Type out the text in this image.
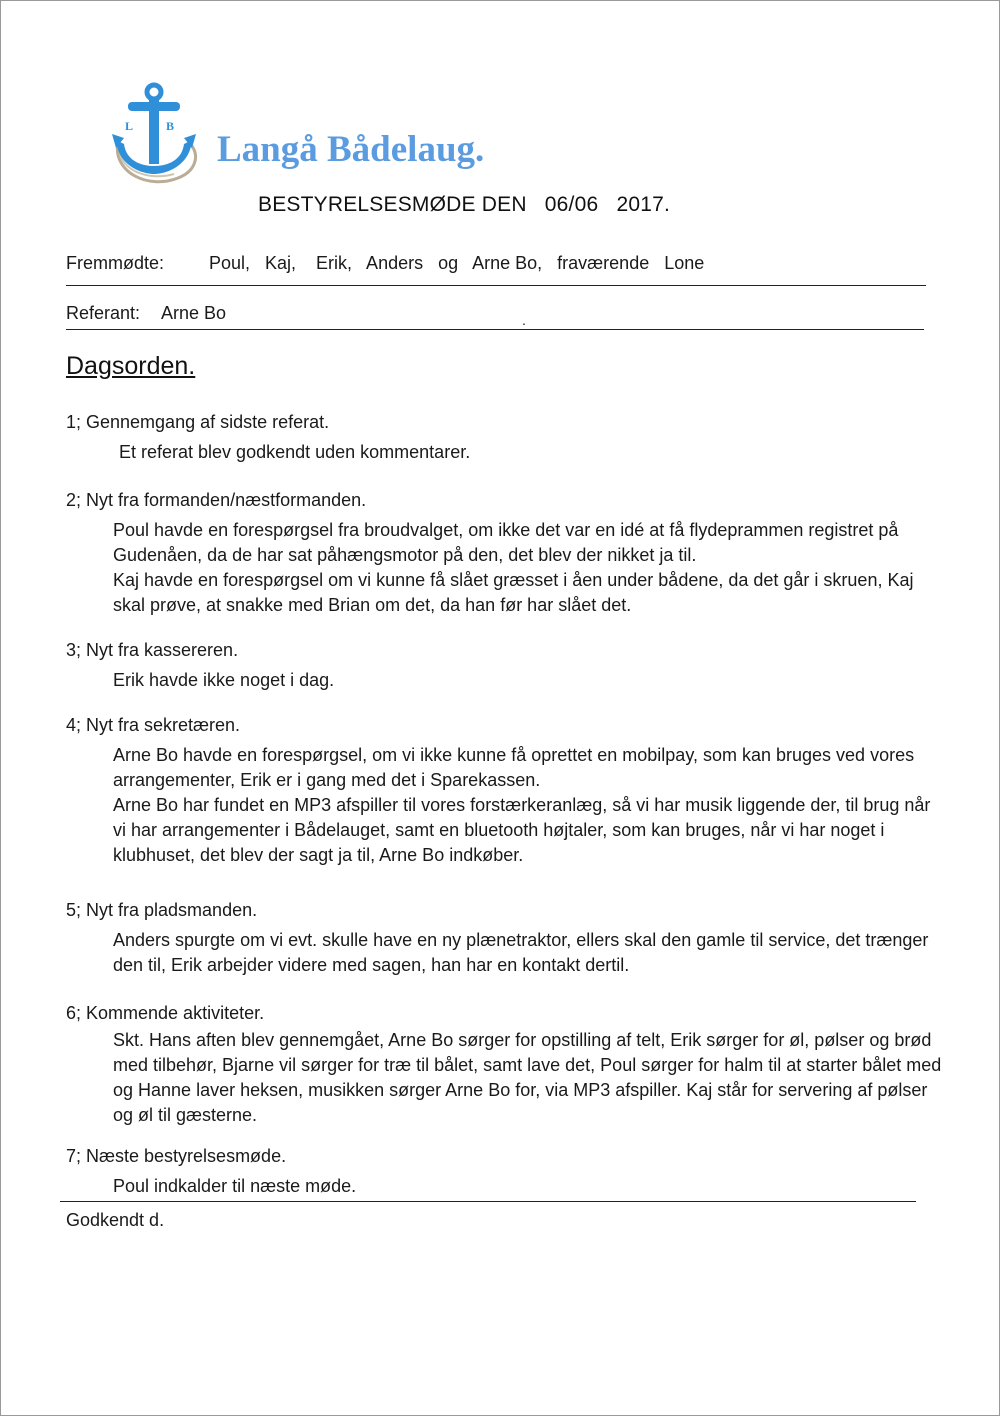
L	B
Langå Bådelaug.
BESTYRELSESMØDE DEN   06/06   2017.
Fremmødte: Poul,   Kaj,    Erik,   Anders   og   Arne Bo,   fraværende   Lone
Referant: Arne Bo	.
Dagsorden.
1; Gennemgang af sidste referat.

Et referat blev godkendt uden kommentarer.

2; Nyt fra formanden/næstformanden.

Poul havde en forespørgsel fra broudvalget, om ikke det var en idé at få flydeprammen registret på Gudenåen, da de har sat påhængsmotor på den, det blev der nikket ja til.

Kaj havde en forespørgsel om vi kunne få slået græsset i åen under bådene, da det går i skruen, Kaj skal prøve, at snakke med Brian om det, da han før har slået det.

3; Nyt fra kassereren.

Erik havde ikke noget i dag.

4; Nyt fra sekretæren.

Arne Bo havde en forespørgsel, om vi ikke kunne få oprettet en mobilpay, som kan bruges ved vores arrangementer, Erik er i gang med det i Sparekassen.

Arne Bo har fundet en MP3 afspiller til vores forstærkeranlæg, så vi har musik liggende der, til brug når vi har arrangementer i Bådelauget, samt en bluetooth højtaler, som kan bruges, når vi har noget i klubhuset, det blev der sagt ja til, Arne Bo indkøber.

5; Nyt fra pladsmanden.

Anders spurgte om vi evt. skulle have en ny plænetraktor, ellers skal den gamle til service, det trænger den til, Erik arbejder videre med sagen, han har en kontakt dertil.

6; Kommende aktiviteter.

Skt. Hans aften blev gennemgået, Arne Bo sørger for opstilling af telt, Erik sørger for øl, pølser og brød med tilbehør, Bjarne vil sørger for træ til bålet, samt lave det, Poul sørger for halm til at starter bålet med og Hanne laver heksen, musikken sørger Arne Bo for, via MP3 afspiller. Kaj står for servering af pølser og øl til gæsterne.

7; Næste bestyrelsesmøde.

Poul indkalder til næste møde.

Godkendt d.
